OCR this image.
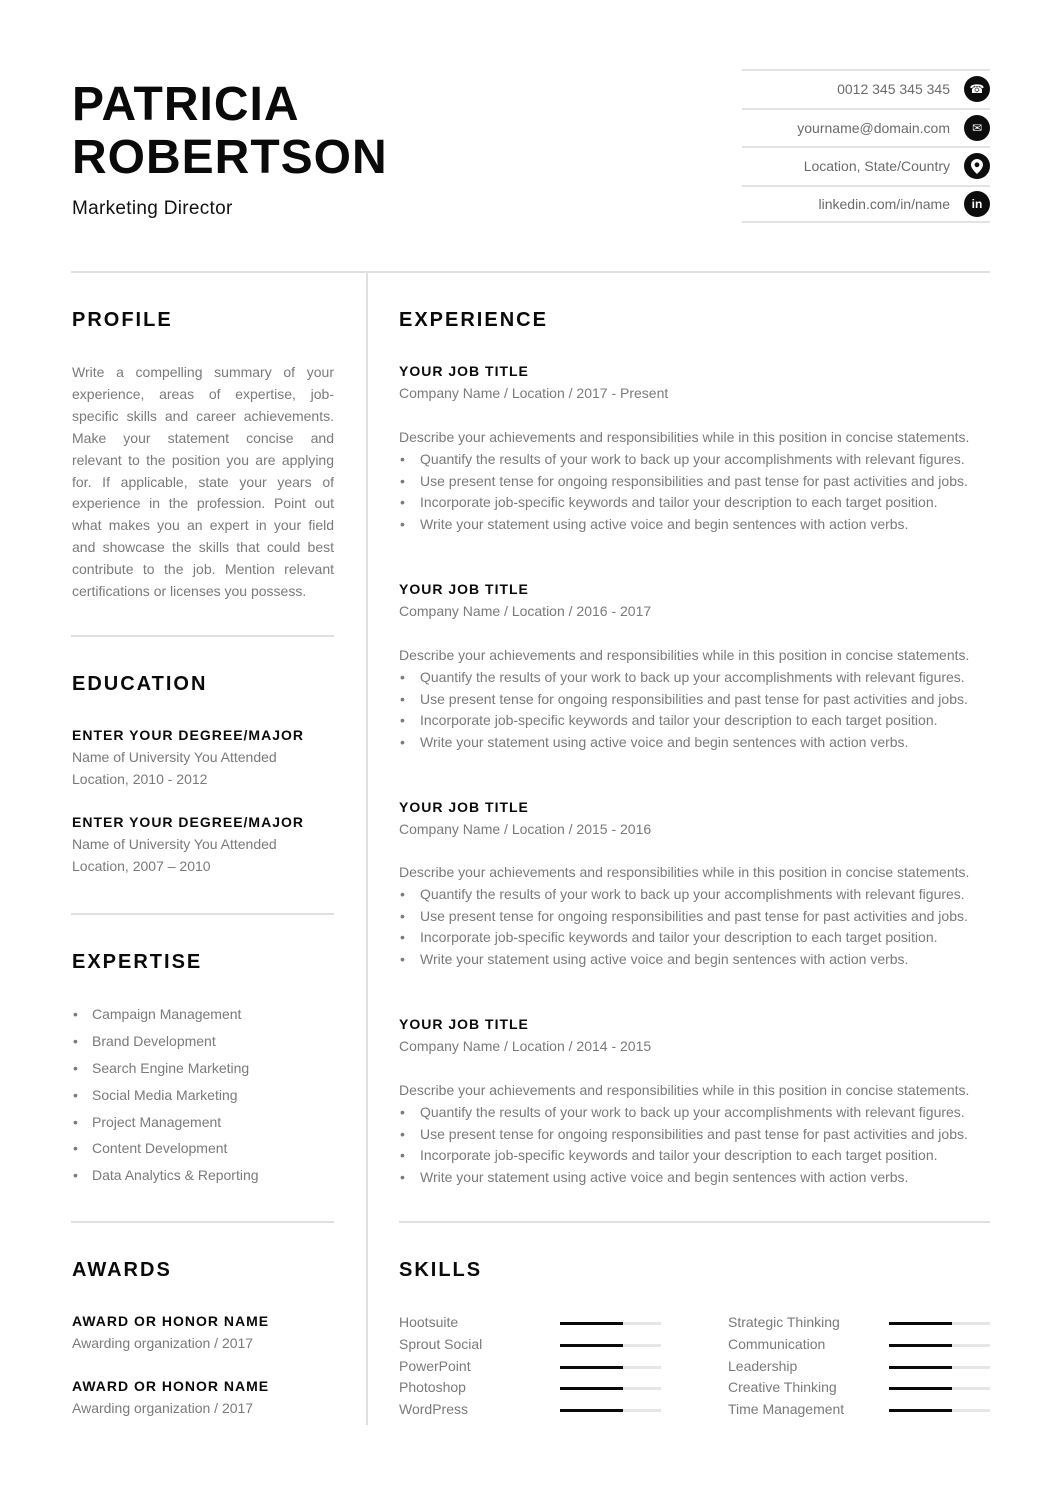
PATRICIA
ROBERTSON
Marketing Director
0012 345 345 345	☎
yourname@domain.com	✉
Location, State/Country
linkedin.com/in/name	in
PROFILE
Write a compelling summary of your experience, areas of expertise, job-specific skills and career achievements. Make your statement concise and relevant to the position you are applying for. If applicable, state your years of experience in the profession. Point out what makes you an expert in your field and showcase the skills that could best contribute to the job. Mention relevant certifications or licenses you possess.
EDUCATION
ENTER YOUR DEGREE/MAJOR
Name of University You Attended
Location, 2010 - 2012
ENTER YOUR DEGREE/MAJOR
Name of University You Attended
Location, 2007 – 2010
EXPERTISE
• Campaign Management
• Brand Development
• Search Engine Marketing
• Social Media Marketing
• Project Management
• Content Development
• Data Analytics & Reporting
AWARDS
AWARD OR HONOR NAME
Awarding organization / 2017
AWARD OR HONOR NAME
Awarding organization / 2017
EXPERIENCE
YOUR JOB TITLE
Company Name / Location / 2017 - Present
Describe your achievements and responsibilities while in this position in concise statements.
• Quantify the results of your work to back up your accomplishments with relevant figures.
• Use present tense for ongoing responsibilities and past tense for past activities and jobs.
• Incorporate job-specific keywords and tailor your description to each target position.
• Write your statement using active voice and begin sentences with action verbs.
YOUR JOB TITLE
Company Name / Location / 2016 - 2017
Describe your achievements and responsibilities while in this position in concise statements.
• Quantify the results of your work to back up your accomplishments with relevant figures.
• Use present tense for ongoing responsibilities and past tense for past activities and jobs.
• Incorporate job-specific keywords and tailor your description to each target position.
• Write your statement using active voice and begin sentences with action verbs.
YOUR JOB TITLE
Company Name / Location / 2015 - 2016
Describe your achievements and responsibilities while in this position in concise statements.
• Quantify the results of your work to back up your accomplishments with relevant figures.
• Use present tense for ongoing responsibilities and past tense for past activities and jobs.
• Incorporate job-specific keywords and tailor your description to each target position.
• Write your statement using active voice and begin sentences with action verbs.
YOUR JOB TITLE
Company Name / Location / 2014 - 2015
Describe your achievements and responsibilities while in this position in concise statements.
• Quantify the results of your work to back up your accomplishments with relevant figures.
• Use present tense for ongoing responsibilities and past tense for past activities and jobs.
• Incorporate job-specific keywords and tailor your description to each target position.
• Write your statement using active voice and begin sentences with action verbs.
SKILLS
Hootsuite
Sprout Social
PowerPoint
Photoshop
WordPress
Strategic Thinking
Communication
Leadership
Creative Thinking
Time Management
